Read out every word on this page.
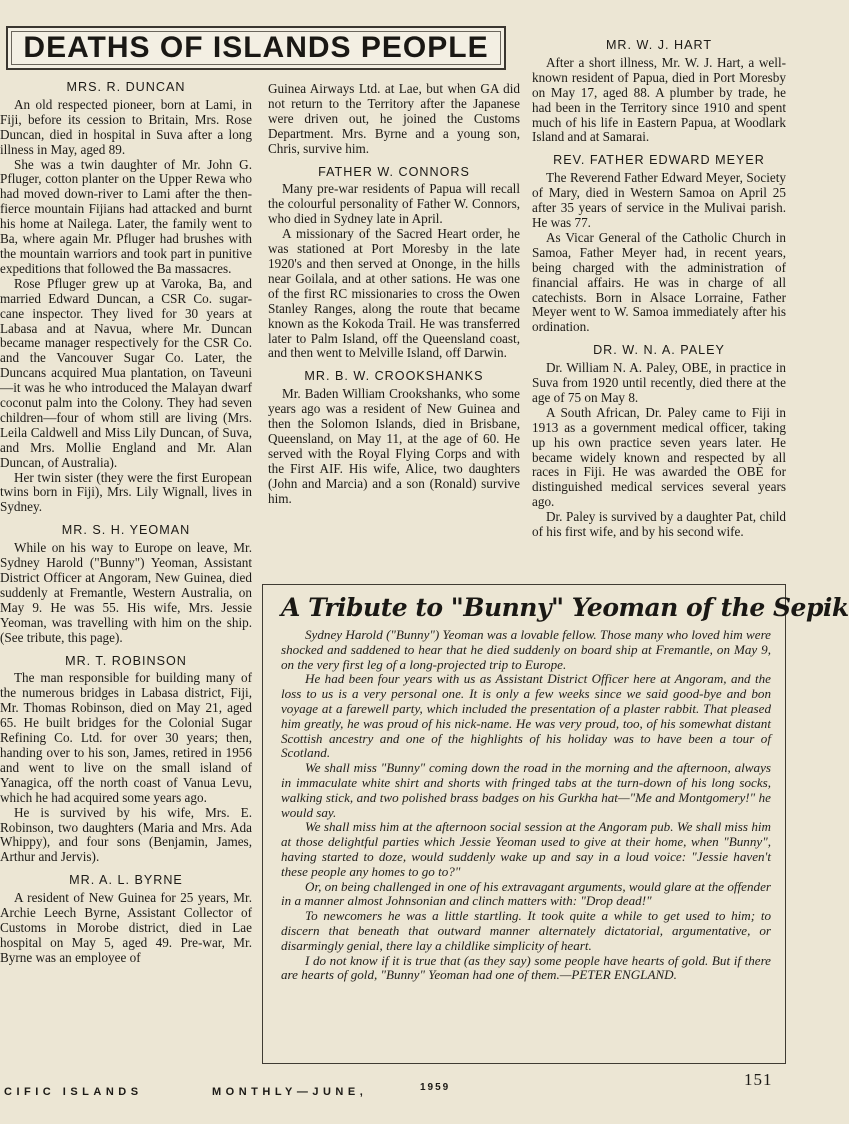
DEATHS OF ISLANDS PEOPLE
MRS. R. DUNCAN

An old respected pioneer, born at Lami, in Fiji, before its cession to Britain, Mrs. Rose Duncan, died in hospital in Suva after a long illness in May, aged 89.

She was a twin daughter of Mr. John G. Pfluger, cotton planter on the Upper Rewa who had moved down-river to Lami after the then-fierce mountain Fijians had attacked and burnt his home at Nailega. Later, the family went to Ba, where again Mr. Pfluger had brushes with the mountain warriors and took part in punitive expeditions that followed the Ba massacres.

Rose Pfluger grew up at Varoka, Ba, and married Edward Duncan, a CSR Co. sugar-cane inspector. They lived for 30 years at Labasa and at Navua, where Mr. Duncan became manager respectively for the CSR Co. and the Vancouver Sugar Co. Later, the Duncans acquired Mua plantation, on Taveuni—it was he who introduced the Malayan dwarf coconut palm into the Colony. They had seven children—four of whom still are living (Mrs. Leila Caldwell and Miss Lily Duncan, of Suva, and Mrs. Mollie England and Mr. Alan Duncan, of Australia).

Her twin sister (they were the first European twins born in Fiji), Mrs. Lily Wignall, lives in Sydney.

MR. S. H. YEOMAN

While on his way to Europe on leave, Mr. Sydney Harold ("Bunny") Yeoman, Assistant District Officer at Angoram, New Guinea, died suddenly at Fremantle, Western Australia, on May 9. He was 55. His wife, Mrs. Jessie Yeoman, was travelling with him on the ship. (See tribute, this page).

MR. T. ROBINSON

The man responsible for building many of the numerous bridges in Labasa district, Fiji, Mr. Thomas Robinson, died on May 21, aged 65. He built bridges for the Colonial Sugar Refining Co. Ltd. for over 30 years; then, handing over to his son, James, retired in 1956 and went to live on the small island of Yanagica, off the north coast of Vanua Levu, which he had acquired some years ago.

He is survived by his wife, Mrs. E. Robinson, two daughters (Maria and Mrs. Ada Whippy), and four sons (Benjamin, James, Arthur and Jervis).

MR. A. L. BYRNE

A resident of New Guinea for 25 years, Mr. Archie Leech Byrne, Assistant Collector of Customs in Morobe district, died in Lae hospital on May 5, aged 49. Pre-war, Mr. Byrne was an employee of

Guinea Airways Ltd. at Lae, but when GA did not return to the Territory after the Japanese were driven out, he joined the Customs Department. Mrs. Byrne and a young son, Chris, survive him.

FATHER W. CONNORS

Many pre-war residents of Papua will recall the colourful personality of Father W. Connors, who died in Sydney late in April.

A missionary of the Sacred Heart order, he was stationed at Port Moresby in the late 1920's and then served at Ononge, in the hills near Goilala, and at other sations. He was one of the first RC missionaries to cross the Owen Stanley Ranges, along the route that became known as the Kokoda Trail. He was transferred later to Palm Island, off the Queensland coast, and then went to Melville Island, off Darwin.

MR. B. W. CROOKSHANKS

Mr. Baden William Crookshanks, who some years ago was a resident of New Guinea and then the Solomon Islands, died in Brisbane, Queensland, on May 11, at the age of 60. He served with the Royal Flying Corps and with the First AIF. His wife, Alice, two daughters (John and Marcia) and a son (Ronald) survive him.

MR. W. J. HART

After a short illness, Mr. W. J. Hart, a well-known resident of Papua, died in Port Moresby on May 17, aged 88. A plumber by trade, he had been in the Territory since 1910 and spent much of his life in Eastern Papua, at Woodlark Island and at Samarai.

REV. FATHER EDWARD MEYER

The Reverend Father Edward Meyer, Society of Mary, died in Western Samoa on April 25 after 35 years of service in the Mulivai parish. He was 77.

As Vicar General of the Catholic Church in Samoa, Father Meyer had, in recent years, being charged with the administration of financial affairs. He was in charge of all catechists. Born in Alsace Lorraine, Father Meyer went to W. Samoa immediately after his ordination.

DR. W. N. A. PALEY

Dr. William N. A. Paley, OBE, in practice in Suva from 1920 until recently, died there at the age of 75 on May 8.

A South African, Dr. Paley came to Fiji in 1913 as a government medical officer, taking up his own practice seven years later. He became widely known and respected by all races in Fiji. He was awarded the OBE for distinguished medical services several years ago.

Dr. Paley is survived by a daughter Pat, child of his first wife, and by his second wife.

A Tribute to "Bunny" Yeoman of the Sepik

Sydney Harold ("Bunny") Yeoman was a lovable fellow. Those many who loved him were shocked and saddened to hear that he died suddenly on board ship at Fremantle, on May 9, on the very first leg of a long-projected trip to Europe.

He had been four years with us as Assistant District Officer here at Angoram, and the loss to us is a very personal one. It is only a few weeks since we said good-bye and bon voyage at a farewell party, which included the presentation of a plaster rabbit. That pleased him greatly, he was proud of his nick-name. He was very proud, too, of his somewhat distant Scottish ancestry and one of the highlights of his holiday was to have been a tour of Scotland.

We shall miss "Bunny" coming down the road in the morning and the afternoon, always in immaculate white shirt and shorts with fringed tabs at the turn-down of his long socks, walking stick, and two polished brass badges on his Gurkha hat—"Me and Montgomery!" he would say.

We shall miss him at the afternoon social session at the Angoram pub. We shall miss him at those delightful parties which Jessie Yeoman used to give at their home, when "Bunny", having started to doze, would suddenly wake up and say in a loud voice: "Jessie haven't these people any homes to go to?"

Or, on being challenged in one of his extravagant arguments, would glare at the offender in a manner almost Johnsonian and clinch matters with: "Drop dead!"

To newcomers he was a little startling. It took quite a while to get used to him; to discern that beneath that outward manner alternately dictatorial, argumentative, or disarmingly genial, there lay a childlike simplicity of heart.

I do not know if it is true that (as they say) some people have hearts of gold. But if there are hearts of gold, "Bunny" Yeoman had one of them.—PETER ENGLAND.

CIFIC ISLANDS	MONTHLY—JUNE,	1959	151
